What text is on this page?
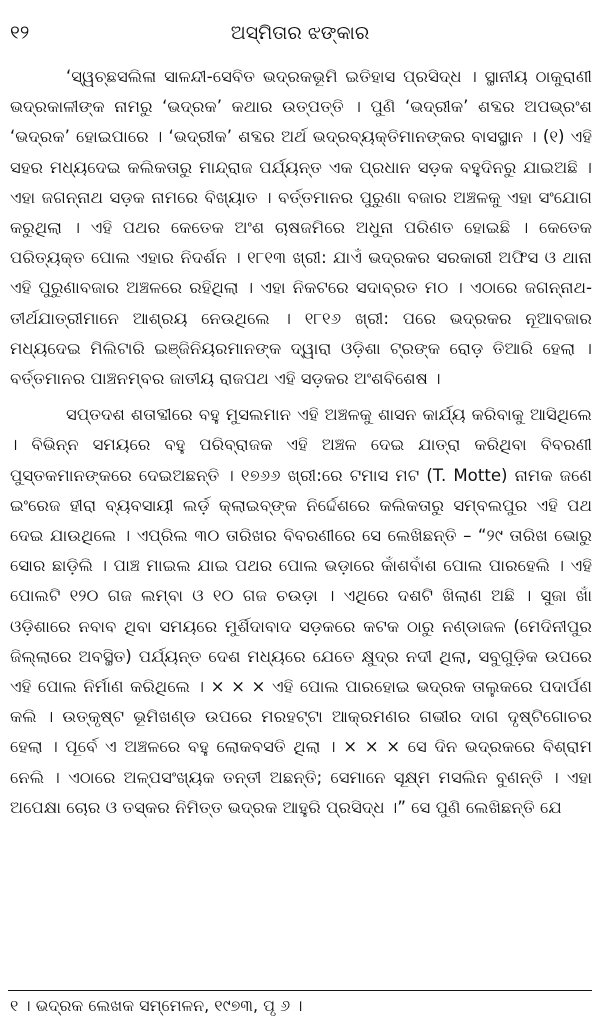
୧୨	ଅସ୍ମିତାର ଝଙ୍କାର

‘ସ୍ୱଚ୍ଛସଲିଳା ସାଳନ୍ଦୀ-ସେବିତ ଭଦ୍ରକଭୂମି ଇତିହାସ ପ୍ରସିଦ୍ଧ । ସ୍ଥାନୀୟ ଠାକୁରାଣୀ ଭଦ୍ରକାଳୀଙ୍କ ନାମରୁ ‘ଭଦ୍ରକ’ କଥାର ଉତ୍ପତ୍ତି । ପୁଣି ‘ଭଦ୍ରୀକ’ ଶବ୍ଦର ଅପଭ୍ରଂଶ ‘ଭଦ୍ରକ’ ହୋଇପାରେ । ‘ଭଦ୍ରୀକ’ ଶବ୍ଦର ଅର୍ଥ ଭଦ୍ରବ୍ୟକ୍ତିମାନଙ୍କର ବାସସ୍ଥାନ । (୧) ଏହି ସହର ମଧ୍ୟଦେଇ କଲିକତାରୁ ମାନ୍ଦ୍ରାଜ ପର୍ଯ୍ୟନ୍ତ ଏକ ପ୍ରଧାନ ସଡ଼କ ବହୁଦିନରୁ ଯାଇଅଛି । ଏହା ଜଗନ୍ନାଥ ସଡ଼କ ନାମରେ ବିଖ୍ୟାତ । ବର୍ତ୍ତମାନର ପୁରୁଣା ବଜାର ଅଞ୍ଚଳକୁ ଏହା ସଂଯୋଗ କରୁଥିଲା । ଏହି ପଥର କେତେକ ଅଂଶ ଚାଷଜମିରେ ଅଧୁନା ପରିଣତ ହୋଇଛି । କେତେକ ପରିତ୍ୟକ୍ତ ପୋଲ ଏହାର ନିଦର୍ଶନ । ୧୮୧୩ ଖ୍ରୀ: ଯାଏଁ ଭଦ୍ରକର ସରକାରୀ ଅଫିସ ଓ ଥାନା ଏହି ପୁରୁଣାବଜାର ଅଞ୍ଚଳରେ ରହିଥିଲା । ଏହା ନିକଟରେ ସଦାବ୍ରତ ମଠ । ଏଠାରେ ଜଗନ୍ନାଥ-ତୀର୍ଥଯାତ୍ରୀମାନେ ଆଶ୍ରୟ ନେଉଥିଲେ । ୧୮୧୬ ଖ୍ରୀ: ପରେ ଭଦ୍ରକର ନୂଆବଜାର ମଧ୍ୟଦେଇ ମିଲିଟାରି ଇଞ୍ଜିନିୟରମାନଙ୍କ ଦ୍ୱାରା ଓଡ଼ିଶା ଟ୍ରଙ୍କ ରୋଡ଼ ତିଆରି ହେଲା । ବର୍ତ୍ତମାନର ପାଞ୍ଚନମ୍ବର ଜାତୀୟ ରାଜପଥ ଏହି ସଡ଼କର ଅଂଶବିଶେଷ ।

ସପ୍ତଦଶ ଶତାବ୍ଦୀରେ ବହୁ ମୁସଲମାନ ଏହି ଅଞ୍ଚଳକୁ ଶାସନ କାର୍ଯ୍ୟ କରିବାକୁ ଆସିଥିଲେ । ବିଭିନ୍ନ ସମୟରେ ବହୁ ପରିବ୍ରାଜକ ଏହି ଅଞ୍ଚଳ ଦେଇ ଯାତ୍ରା କରିଥିବା ବିବରଣୀ ପୁସ୍ତକମାନଙ୍କରେ ଦେଇଅଛନ୍ତି । ୧୭୬୬ ଖ୍ରୀ:ରେ ଟମାସ ମଟ (T. Motte) ନାମକ ଜଣେ ଇଂରେଜ ହୀରା ବ୍ୟବସାୟୀ ଲର୍ଡ଼ କ୍ଲାଇବ୍‌ଙ୍କ ନିର୍ଦ୍ଦେଶରେ କଲିକତାରୁ ସମ୍ବଲପୁର ଏହି ପଥ ଦେଇ ଯାଉଥିଲେ । ଏପ୍ରିଲ ୩୦ ତାରିଖର ବିବରଣୀରେ ସେ ଲେଖିଛନ୍ତି – “୨୯ ତାରିଖ ଭୋରୁ ସୋର ଛାଡ଼ିଲି । ପାଞ୍ଚ ମାଇଲ ଯାଇ ପଥର ପୋଲ ଭଡ଼ାରେ କାଁଶବାଁଶ ପୋଲ ପାରହେଲି । ଏହି ପୋଲଟି ୧୨୦ ଗଜ ଲମ୍ବା ଓ ୧୦ ଗଜ ଚଉଡ଼ା । ଏଥିରେ ଦଶଟି ଖିଲାଣ ଅଛି । ସୁଜା ଖାଁ ଓଡ଼ିଶାରେ ନବାବ ଥିବା ସମୟରେ ମୁର୍ଶିଦାବାଦ ସଡ଼କରେ କଟକ ଠାରୁ ନଣ୍ଡାଜଳ (ମେଦିନୀପୁର ଜିଲ୍ଲାରେ ଅବସ୍ଥିତ) ପର୍ଯ୍ୟନ୍ତ ଦେଶ ମଧ୍ୟରେ ଯେତେ କ୍ଷୁଦ୍ର ନଦୀ ଥିଲା, ସବୁଗୁଡ଼ିକ ଉପରେ ଏହି ପୋଲ ନିର୍ମାଣ କରିଥିଲେ । × × × ଏହି ପୋଲ ପାରହୋଇ ଭଦ୍ରକ ତାଲୁକରେ ପଦାର୍ପଣ କଲି । ଉତ୍କୃଷ୍ଟ ଭୂମିଖଣ୍ଡ ଉପରେ ମରହଟ୍ଟା ଆକ୍ରମଣର ଗଭୀର ଦାଗ ଦୃଷ୍ଟିଗୋଚର ହେଲା । ପୂର୍ବେ ଏ ଅଞ୍ଚଳରେ ବହୁ ଲୋକବସତି ଥିଲା । × × × ସେ ଦିନ ଭଦ୍ରକରେ ବିଶ୍ରାମ ନେଲି । ଏଠାରେ ଅଳ୍ପସଂଖ୍ୟକ ତନ୍ତୀ ଅଛନ୍ତି; ସେମାନେ ସୂକ୍ଷ୍ମ ମସଲିନ ବୁଣନ୍ତି । ଏହା ଅପେକ୍ଷା ଚୋର ଓ ତସ୍କର ନିମିତ୍ତ ଭଦ୍ରକ ଆହୁରି ପ୍ରସିଦ୍ଧ ।” ସେ ପୁଣି ଲେଖିଛନ୍ତି ଯେ

୧ । ଭଦ୍ରକ ଲେଖକ ସମ୍ମେଳନ, ୧୯୭୩, ପୃ ୬ ।
